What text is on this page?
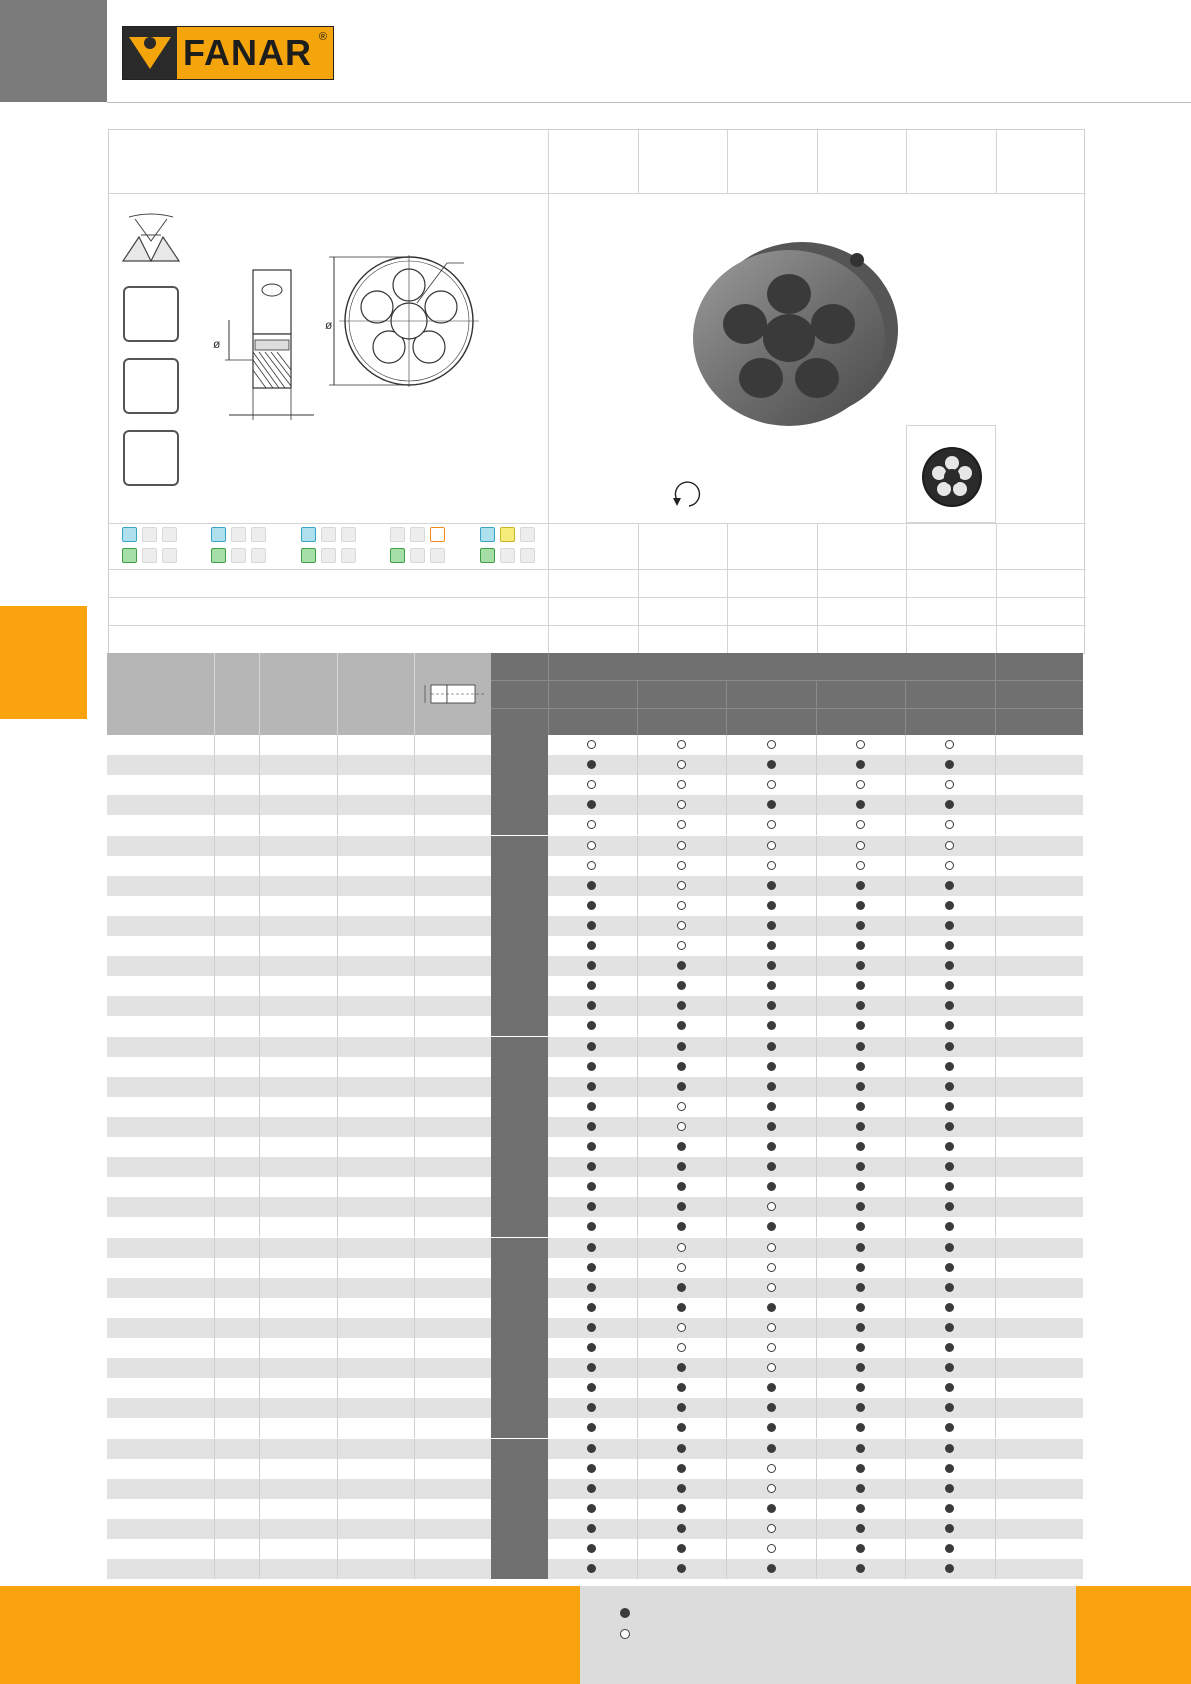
FANAR ®
ø
ø
